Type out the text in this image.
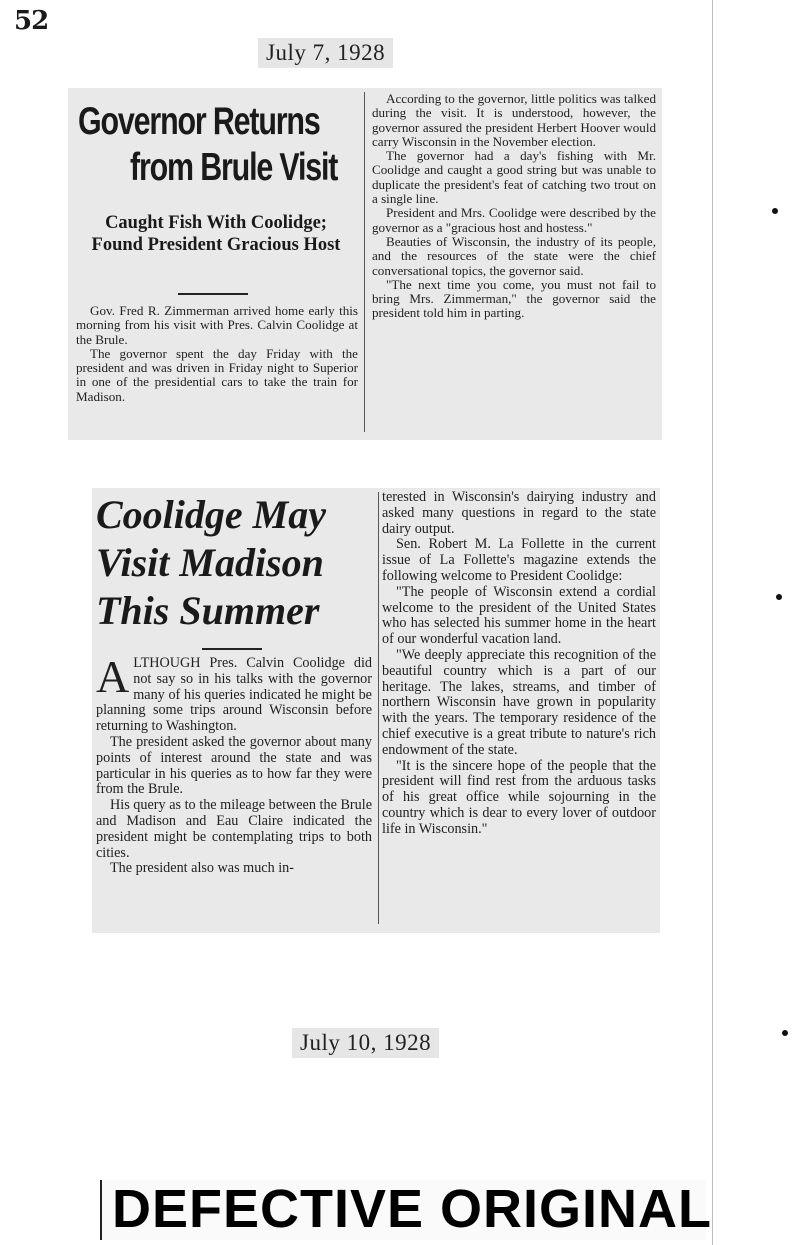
52
July 7, 1928
Governor Returns
from Brule Visit
Caught Fish With Coolidge; Found President Gracious Host

Gov. Fred R. Zimmerman arrived home early this morning from his visit with Pres. Calvin Coolidge at the Brule.

The governor spent the day Friday with the president and was driven in Friday night to Superior in one of the presidential cars to take the train for Madison.

According to the governor, little politics was talked during the visit. It is understood, however, the governor assured the president Herbert Hoover would carry Wisconsin in the November election.

The governor had a day's fishing with Mr. Coolidge and caught a good string but was unable to duplicate the president's feat of catching two trout on a single line.

President and Mrs. Coolidge were described by the governor as a "gracious host and hostess."

Beauties of Wisconsin, the industry of its people, and the resources of the state were the chief conversational topics, the governor said.

"The next time you come, you must not fail to bring Mrs. Zimmerman," the governor said the president told him in parting.

Coolidge May
Visit Madison
This Summer

ALTHOUGH Pres. Calvin Coolidge did not say so in his talks with the governor many of his queries indicated he might be planning some trips around Wisconsin before returning to Washington.

The president asked the governor about many points of interest around the state and was particular in his queries as to how far they were from the Brule.

His query as to the mileage between the Brule and Madison and Eau Claire indicated the president might be contemplating trips to both cities.

The president also was much in-

terested in Wisconsin's dairying industry and asked many questions in regard to the state dairy output.

Sen. Robert M. La Follette in the current issue of La Follette's magazine extends the following welcome to President Coolidge:

"The people of Wisconsin extend a cordial welcome to the president of the United States who has selected his summer home in the heart of our wonderful vacation land.

"We deeply appreciate this recognition of the beautiful country which is a part of our heritage. The lakes, streams, and timber of northern Wisconsin have grown in popularity with the years. The temporary residence of the chief executive is a great tribute to nature's rich endowment of the state.

"It is the sincere hope of the people that the president will find rest from the arduous tasks of his great office while sojourning in the country which is dear to every lover of outdoor life in Wisconsin."

July 10, 1928
DEFECTIVE ORIGINAL
